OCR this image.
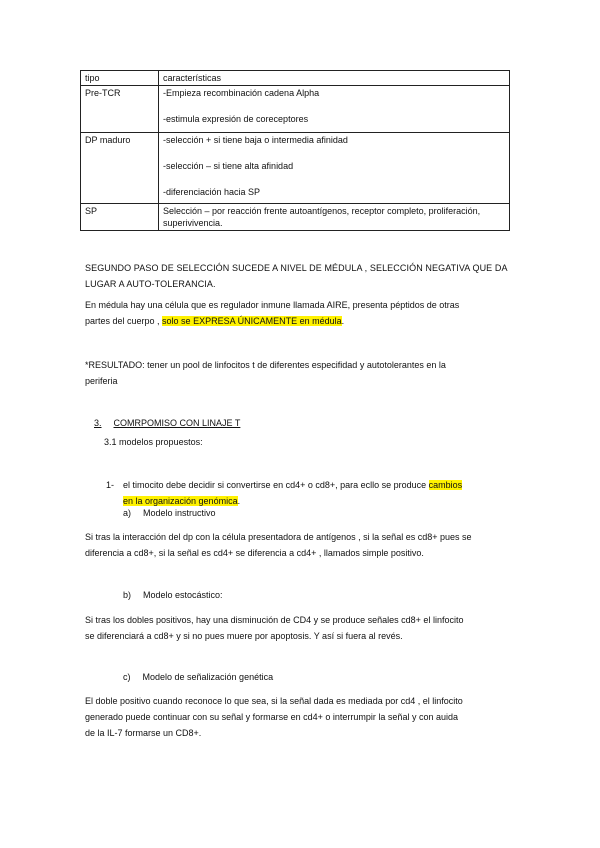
tipo	características
Pre-TCR	-Empieza recombinación cadena Alpha
-estimula expresión de coreceptores

DP maduro	-selección + si tiene baja o intermedia afinidad
-selección – si tiene alta afinidad
-diferenciación hacia SP

SP	Selección – por reacción frente autoantígenos, receptor completo, proliferación, superivivencia.
SEGUNDO PASO DE SELECCIÓN SUCEDE A NIVEL DE MÉDULA , SELECCIÓN NEGATIVA QUE DA
LUGAR A AUTO-TOLERANCIA.
En médula hay una célula que es regulador inmune llamada AIRE, presenta péptidos de otras
partes del cuerpo , solo se EXPRESA ÚNICAMENTE en médula.
*RESULTADO: tener un pool de linfocitos t de diferentes especifidad y autotolerantes en la
periferia
3. COMRPOMISO CON LINAJE T
3.1 modelos propuestos:
1- el timocito debe decidir si convertirse en cd4+ o cd8+, para ecllo se produce cambios
en la organización genómica.
a) Modelo instructivo
Si tras la interacción del dp con la célula presentadora de antígenos , si la señal es cd8+ pues se
diferencia a cd8+, si la señal es cd4+ se diferencia a cd4+ , llamados simple positivo.
b) Modelo estocástico:
Si tras los dobles positivos, hay una disminución de CD4 y se produce señales cd8+ el linfocito
se diferenciará a cd8+ y si no pues muere por apoptosis. Y así si fuera al revés.
c) Modelo de señalización genética
El doble positivo cuando reconoce lo que sea, si la señal dada es mediada por cd4 , el linfocito
generado puede continuar con su señal y formarse en cd4+ o interrumpir la señal y con auida
de la IL-7 formarse un CD8+.
